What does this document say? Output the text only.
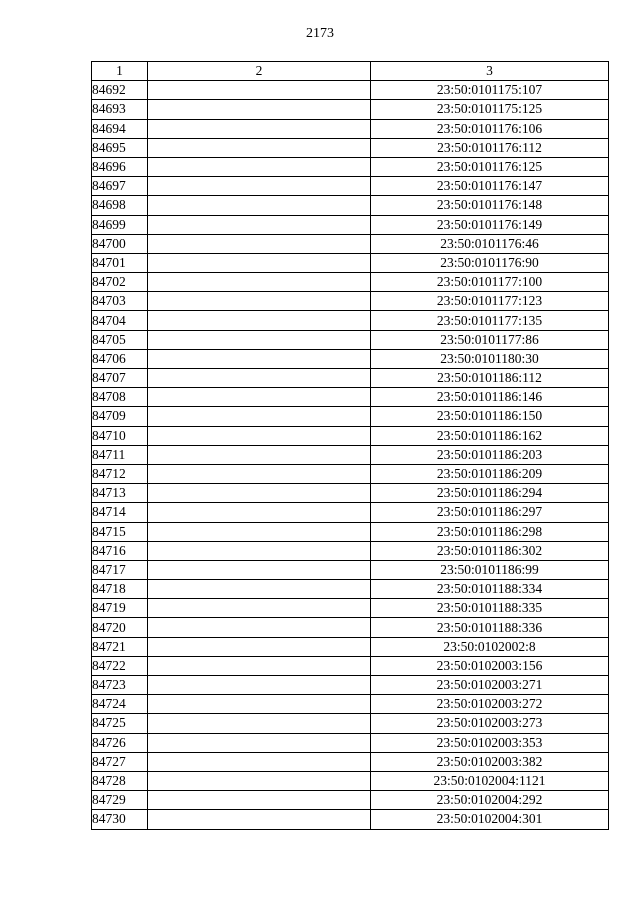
2173
1	2	3
84692		23:50:0101175:107
84693		23:50:0101175:125
84694		23:50:0101176:106
84695		23:50:0101176:112
84696		23:50:0101176:125
84697		23:50:0101176:147
84698		23:50:0101176:148
84699		23:50:0101176:149
84700		23:50:0101176:46
84701		23:50:0101176:90
84702		23:50:0101177:100
84703		23:50:0101177:123
84704		23:50:0101177:135
84705		23:50:0101177:86
84706		23:50:0101180:30
84707		23:50:0101186:112
84708		23:50:0101186:146
84709		23:50:0101186:150
84710		23:50:0101186:162
84711		23:50:0101186:203
84712		23:50:0101186:209
84713		23:50:0101186:294
84714		23:50:0101186:297
84715		23:50:0101186:298
84716		23:50:0101186:302
84717		23:50:0101186:99
84718		23:50:0101188:334
84719		23:50:0101188:335
84720		23:50:0101188:336
84721		23:50:0102002:8
84722		23:50:0102003:156
84723		23:50:0102003:271
84724		23:50:0102003:272
84725		23:50:0102003:273
84726		23:50:0102003:353
84727		23:50:0102003:382
84728		23:50:0102004:1121
84729		23:50:0102004:292
84730		23:50:0102004:301
